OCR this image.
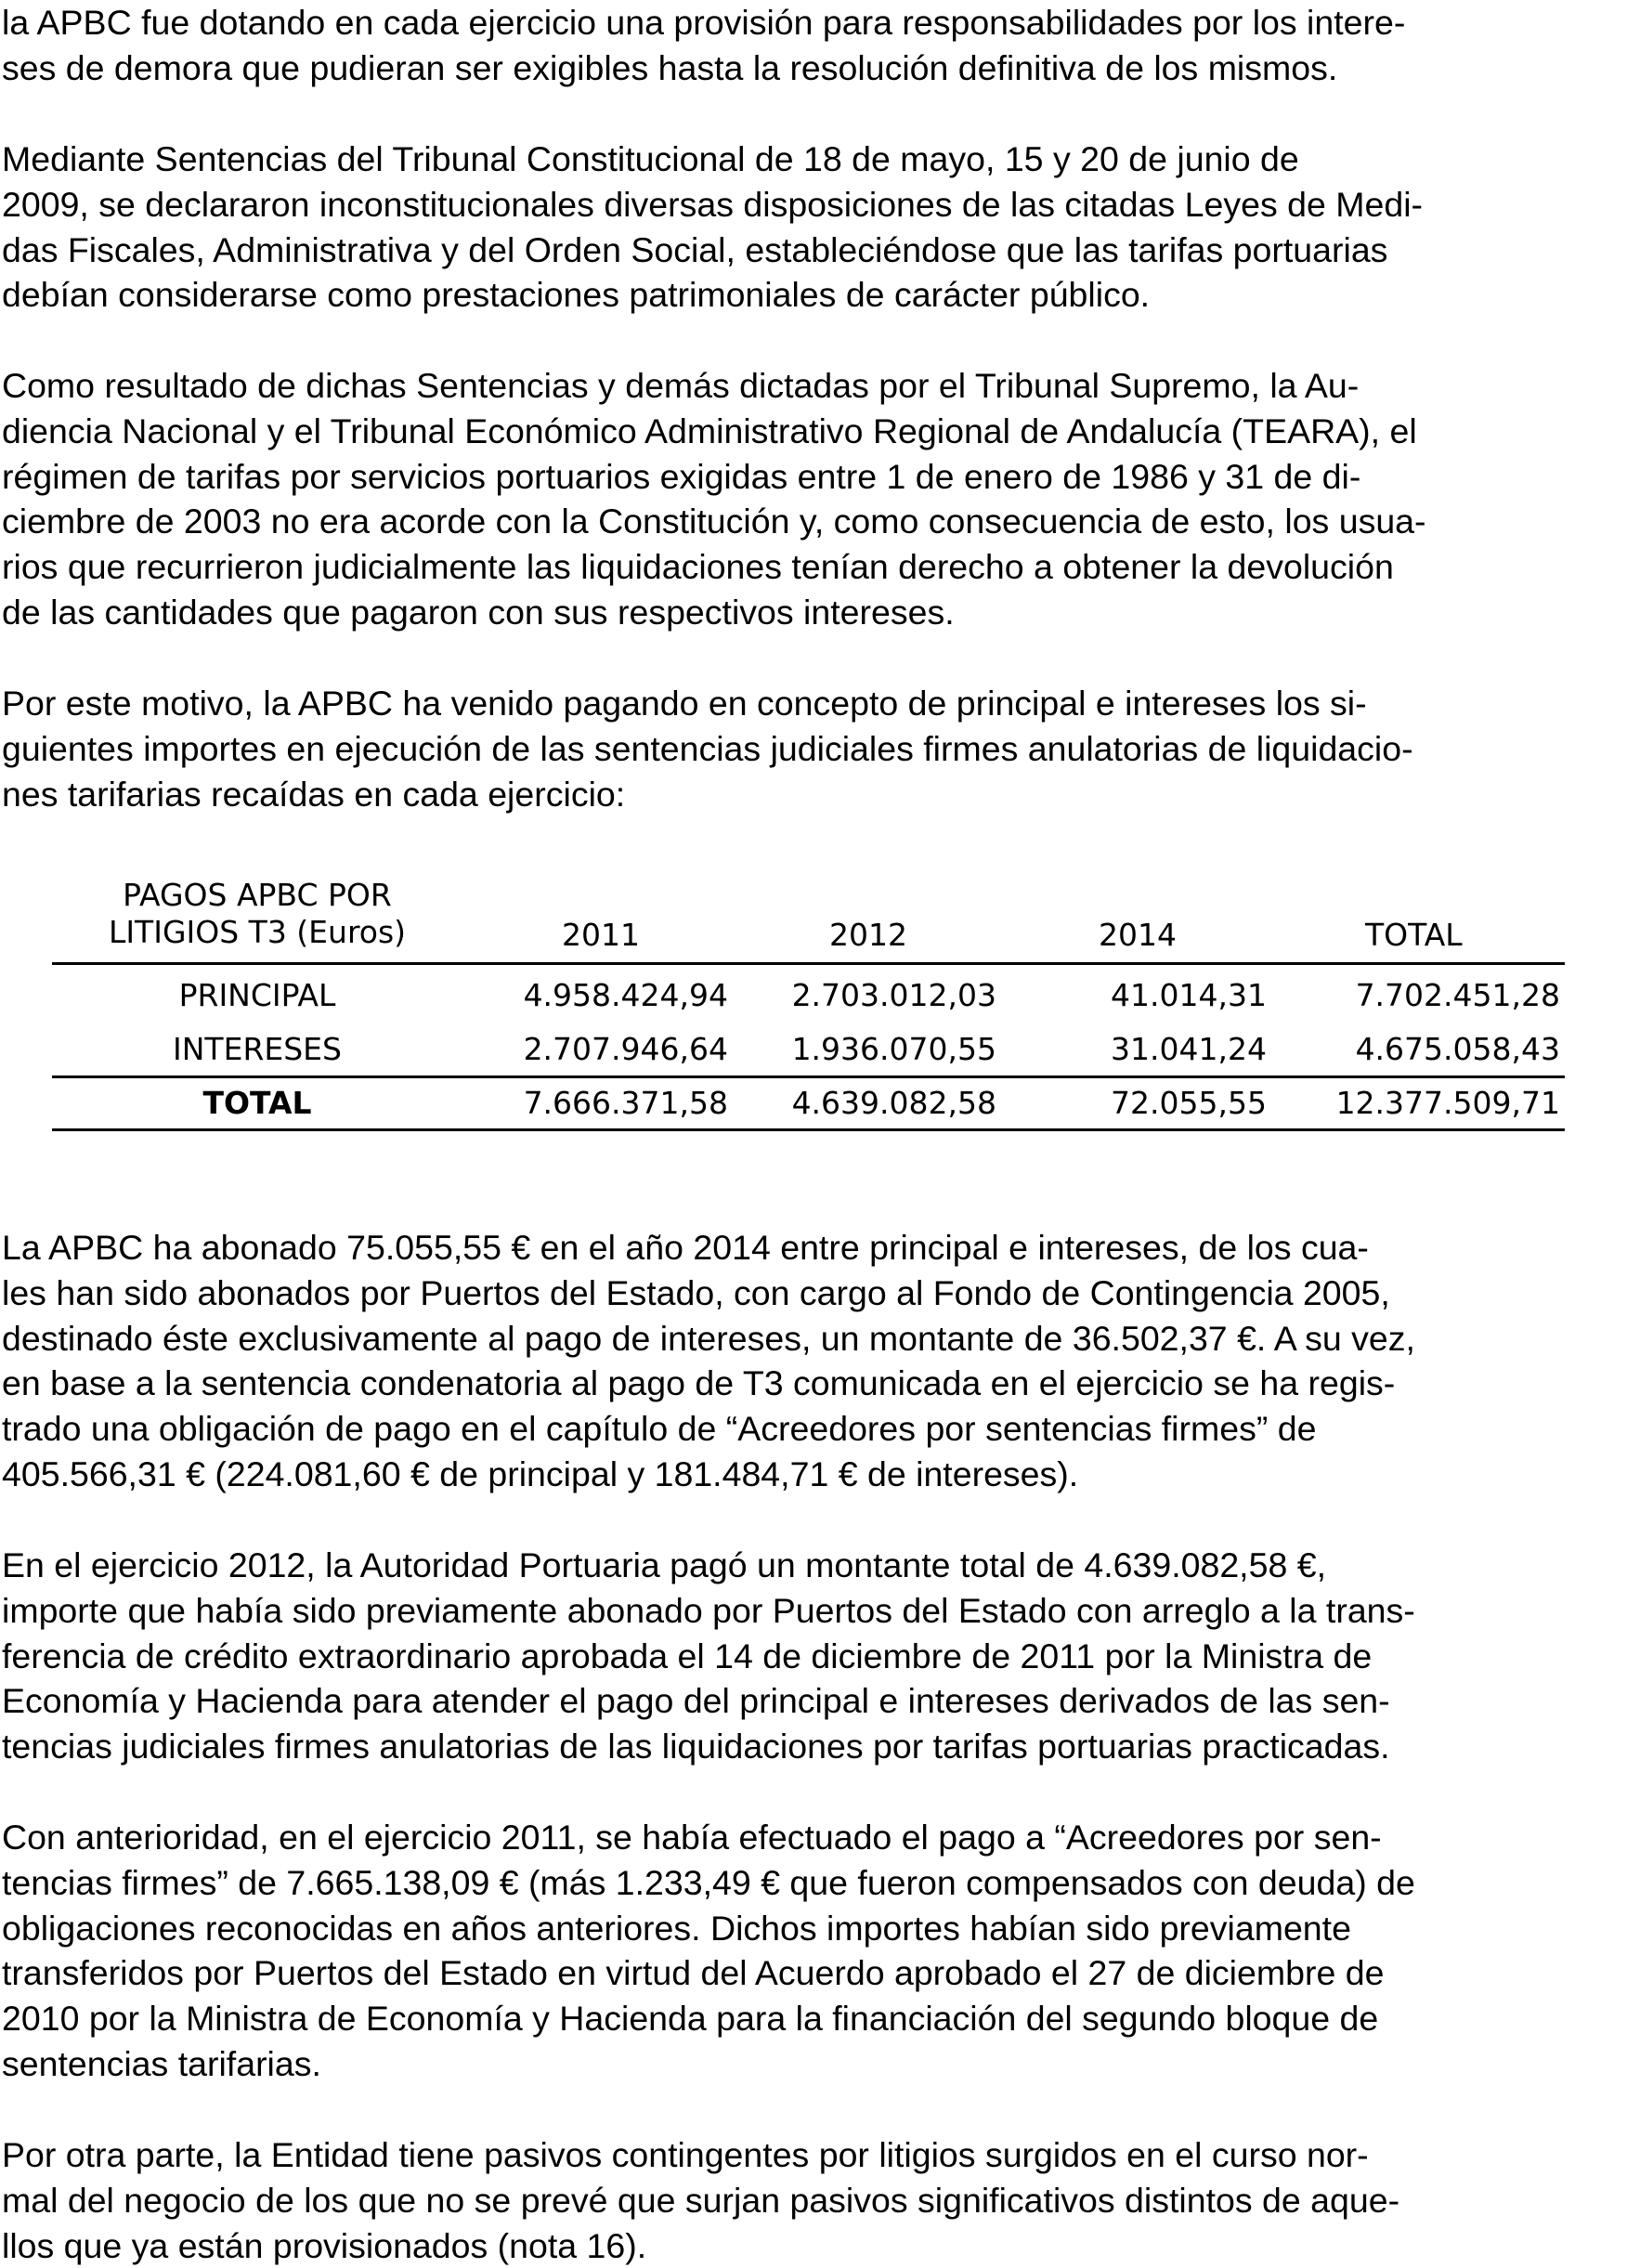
la APBC fue dotando en cada ejercicio una provisión para responsabilidades por los intere-
ses de demora que pudieran ser exigibles hasta la resolución definitiva de los mismos.

Mediante Sentencias del Tribunal Constitucional de 18 de mayo, 15 y 20 de junio de
2009, se declararon inconstitucionales diversas disposiciones de las citadas Leyes de Medi-
das Fiscales, Administrativa y del Orden Social, estableciéndose que las tarifas portuarias
debían considerarse como prestaciones patrimoniales de carácter público.

Como resultado de dichas Sentencias y demás dictadas por el Tribunal Supremo, la Au-
diencia Nacional y el Tribunal Económico Administrativo Regional de Andalucía (TEARA), el
régimen de tarifas por servicios portuarios exigidas entre 1 de enero de 1986 y 31 de di-
ciembre de 2003 no era acorde con la Constitución y, como consecuencia de esto, los usua-
rios que recurrieron judicialmente las liquidaciones tenían derecho a obtener la devolución
de las cantidades que pagaron con sus respectivos intereses.

Por este motivo, la APBC ha venido pagando en concepto de principal e intereses los si-
guientes importes en ejecución de las sentencias judiciales firmes anulatorias de liquidacio-
nes tarifarias recaídas en cada ejercicio:

PAGOS APBC POR
LITIGIOS T3 (Euros)	2011	2012	2014	TOTAL
PRINCIPAL	4.958.424,94	2.703.012,03	41.014,31	7.702.451,28
INTERESES	2.707.946,64	1.936.070,55	31.041,24	4.675.058,43
TOTAL	7.666.371,58	4.639.082,58	72.055,55	12.377.509,71

La APBC ha abonado 75.055,55 € en el año 2014 entre principal e intereses, de los cua-
les han sido abonados por Puertos del Estado, con cargo al Fondo de Contingencia 2005,
destinado éste exclusivamente al pago de intereses, un montante de 36.502,37 €. A su vez,
en base a la sentencia condenatoria al pago de T3 comunicada en el ejercicio se ha regis-
trado una obligación de pago en el capítulo de “Acreedores por sentencias firmes” de
405.566,31 € (224.081,60 € de principal y 181.484,71 € de intereses).

En el ejercicio 2012, la Autoridad Portuaria pagó un montante total de 4.639.082,58 €,
importe que había sido previamente abonado por Puertos del Estado con arreglo a la trans-
ferencia de crédito extraordinario aprobada el 14 de diciembre de 2011 por la Ministra de
Economía y Hacienda para atender el pago del principal e intereses derivados de las sen-
tencias judiciales firmes anulatorias de las liquidaciones por tarifas portuarias practicadas.

Con anterioridad, en el ejercicio 2011, se había efectuado el pago a “Acreedores por sen-
tencias firmes” de 7.665.138,09 € (más 1.233,49 € que fueron compensados con deuda) de
obligaciones reconocidas en años anteriores. Dichos importes habían sido previamente
transferidos por Puertos del Estado en virtud del Acuerdo aprobado el 27 de diciembre de
2010 por la Ministra de Economía y Hacienda para la financiación del segundo bloque de
sentencias tarifarias.

Por otra parte, la Entidad tiene pasivos contingentes por litigios surgidos en el curso nor-
mal del negocio de los que no se prevé que surjan pasivos significativos distintos de aque-
llos que ya están provisionados (nota 16).
